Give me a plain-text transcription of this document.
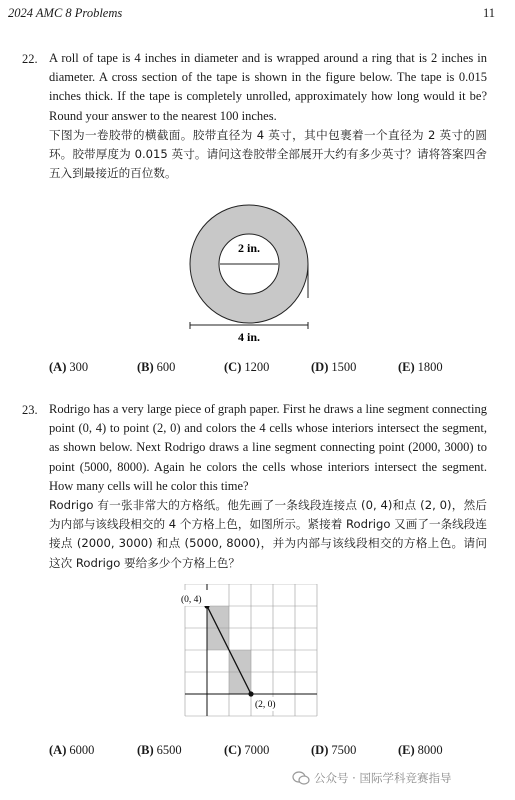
2024 AMC 8 Problems	11
22. A roll of tape is 4 inches in diameter and is wrapped around a ring that is 2 inches in diameter. A cross section of the tape is shown in the figure below. The tape is 0.015 inches thick. If the tape is completely unrolled, approximately how long would it be? Round your answer to the nearest 100 inches.

下图为一卷胶带的横截面。胶带直径为 4 英寸，其中包裹着一个直径为 2 英寸的圆环。胶带厚度为 0.015 英寸。请问这卷胶带全部展开大约有多少英寸？请将答案四舍五入到最接近的百位数。

2 in.
4 in.
(A) 300	(B) 600	(C) 1200	(D) 1500	(E) 1800
23. Rodrigo has a very large piece of graph paper. First he draws a line segment connecting point (0, 4) to point (2, 0) and colors the 4 cells whose interiors intersect the segment, as shown below. Next Rodrigo draws a line segment connecting point (2000, 3000) to point (5000, 8000). Again he colors the cells whose interiors intersect the segment. How many cells will he color this time?

Rodrigo 有一张非常大的方格纸。他先画了一条线段连接点 (0, 4)和点 (2, 0)，然后为内部与该线段相交的 4 个方格上色，如图所示。紧接着 Rodrigo 又画了一条线段连接点 (2000, 3000) 和点 (5000, 8000)，并为内部与该线段相交的方格上色。请问这次 Rodrigo 要给多少个方格上色？

(0, 4)
(2, 0)
(A) 6000	(B) 6500	(C) 7000	(D) 7500	(E) 8000
公众号 · 国际学科竞赛指导
